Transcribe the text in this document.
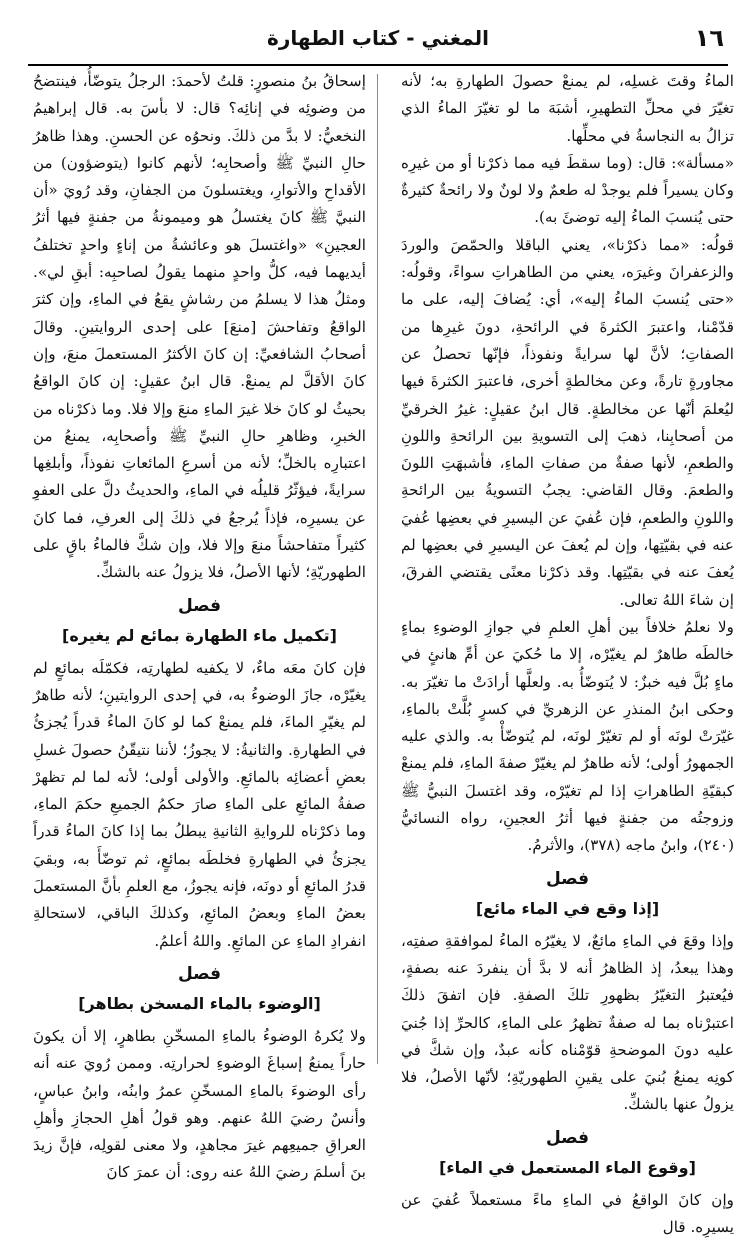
١٦
المغني - كتاب الطهارة

الماءُ وقتَ غسلِه، لم يمنعْ حصولَ الطهارةِ به؛ لأنه تغيّرَ في محلِّ التطهيرِ، أشبَهَ ما لو تغيّرَ الماءُ الذي تزالُ به النجاسةُ في محلِّها.

«مسألة»: قال: (وما سقطَ فيه مما ذكرْنا أو من غيرِه وكان يسيراً فلم يوجدْ له طعمٌ ولا لونٌ ولا رائحةٌ كثيرةٌ حتى يُنسبَ الماءُ إليه توضئَ به).

قولُه: «مما ذكرْنا»، يعني الباقلا والحمّصَ والوردَ والزعفرانَ وغيرَه، يعني من الطاهراتِ سواءً، وقولُه: «حتى يُنسبَ الماءُ إليه»، أي: يُضافَ إليه، على ما قدّمْنا، واعتبرَ الكثرةَ في الرائحةِ، دونَ غيرِها من الصفاتِ؛ لأنَّ لها سرايةً ونفوذاً، فإنّها تحصلُ عن مجاورةٍ تارةً، وعن مخالطةٍ أخرى، فاعتبرَ الكثرةَ فيها ليُعلمَ أنّها عن مخالطةٍ. قال ابنُ عقيلٍ: غيرُ الخرقيِّ من أصحابِنا، ذهبَ إلى التسويةِ بين الرائحةِ واللونِ والطعمِ، لأنها صفةٌ من صفاتِ الماءِ، فأشبهَتِ اللونَ والطعمَ. وقال القاضي: يجبُ التسويةُ بين الرائحةِ واللونِ والطعمِ، فإن عُفيَ عن اليسيرِ في بعضِها عُفيَ عنه في بقيّتِها، وإن لم يُعفَ عن اليسيرِ في بعضِها لم يُعفَ عنه في بقيّتِها. وقد ذكرْنا معنًى يقتضي الفرقَ، إن شاءَ اللهُ تعالى.

ولا نعلمُ خلافاً بين أهلِ العلمِ في جوازِ الوضوءِ بماءٍ خالطَه طاهرٌ لم يغيّرْه، إلا ما حُكيَ عن أمِّ هانئٍ في ماءٍ بُلَّ فيه خبزٌ: لا يُتوضّأُ به. ولعلَّها أرادَتْ ما تغيّرَ به. وحكى ابنُ المنذرِ عن الزهريِّ في كسرٍ بُلَّتْ بالماءِ، غيّرَتْ لونَه أو لم تغيّرْ لونَه، لم يُتوضّأْ به. والذي عليه الجمهورُ أولى؛ لأنه طاهرٌ لم يغيّرْ صفةَ الماءِ، فلم يمنعْ كبقيّةِ الطاهراتِ إذا لم تغيّرْه، وقد اغتسلَ النبيُّ ﷺ وزوجتُه من جفنةٍ فيها أثرُ العجينِ، رواه النسائيُّ (٢٤٠)، وابنُ ماجه (٣٧٨)، والأثرمُ.

فصل
[إذا وقع في الماء مائع]

وإذا وقعَ في الماءِ مائعٌ، لا يغيّرُه الماءُ لموافقةِ صفتِه، وهذا يبعدُ، إذ الظاهرُ أنه لا بدَّ أن ينفردَ عنه بصفةٍ، فيُعتبرُ التغيّرُ بظهورِ تلكَ الصفةِ. فإن اتفقَ ذلكَ اعتبرْناه بما له صفةٌ تظهرُ على الماءِ، كالحرِّ إذا جُنيَ عليه دونَ الموضحةِ قوّمْناه كأنه عبدٌ، وإن شكَّ في كونِه يمنعُ بُنيَ على يقينِ الطهوريّةِ؛ لأنّها الأصلُ، فلا يزولُ عنها بالشكِّ.

فصل
[وقوع الماء المستعمل في الماء]

وإن كانَ الواقعُ في الماءِ ماءً مستعملاً عُفيَ عن يسيرِه. قال

إسحاقُ بنُ منصورٍ: قلتُ لأحمدَ: الرجلُ يتوضّأُ، فينتضحُ من وضوئِه في إنائِه؟ قال: لا بأسَ به. قال إبراهيمُ النخعيُّ: لا بدَّ من ذلكَ. ونحوُه عن الحسنِ. وهذا ظاهرُ حالِ النبيِّ ﷺ وأصحابِه؛ لأنهم كانوا (يتوضؤون) من الأقداحِ والأتوارِ، ويغتسلونَ من الجفانِ، وقد رُويَ «أن النبيَّ ﷺ كانَ يغتسلُ هو وميمونةُ من جفنةٍ فيها أثرُ العجينِ» «واغتسلَ هو وعائشةُ من إناءٍ واحدٍ تختلفُ أيديهما فيه، كلُّ واحدٍ منهما يقولُ لصاحبِه: أبقِ لي». ومثلُ هذا لا يسلمُ من رشاشٍ يقعُ في الماءِ، وإن كثرَ الواقعُ وتفاحشَ [منعَ] على إحدى الروايتينِ. وقالَ أصحابُ الشافعيِّ: إن كانَ الأكثرُ المستعملَ منعَ، وإن كانَ الأقلَّ لم يمنعْ. قال ابنُ عقيلٍ: إن كانَ الواقعُ بحيثُ لو كانَ خلا غيرَ الماءِ منعَ وإلا فلا. وما ذكرْناه من الخبرِ، وظاهرِ حالِ النبيِّ ﷺ وأصحابِه، يمنعُ من اعتبارِه بالخلِّ؛ لأنه من أسرعِ المائعاتِ نفوذاً، وأبلغِها سرايةً، فيؤثّرُ قليلُه في الماءِ، والحديثُ دلَّ على العفوِ عن يسيرِه، فإذاً يُرجعُ في ذلكَ إلى العرفِ، فما كانَ كثيراً متفاحشاً منعَ وإلا فلا، وإن شكَّ فالماءُ باقٍ على الطهوريّةِ؛ لأنها الأصلُ، فلا يزولُ عنه بالشكِّ.

فصل
[تكميل ماء الطهارة بمائع لم يغيره]

فإن كانَ معَه ماءٌ، لا يكفيه لطهارتِه، فكمّلَه بمائعٍ لم يغيّرْه، جازَ الوضوءُ به، في إحدى الروايتينِ؛ لأنه طاهرٌ لم يغيّرِ الماءَ، فلم يمنعْ كما لو كانَ الماءُ قدراً يُجزئُ في الطهارةِ. والثانيةُ: لا يجوزُ؛ لأننا نتيقّنُ حصولَ غسلِ بعضِ أعضائِه بالمائعِ. والأولى أولى؛ لأنه لما لم تظهرْ صفةُ المائعِ على الماءِ صارَ حكمُ الجميعِ حكمَ الماءِ، وما ذكرْناه للروايةِ الثانيةِ يبطلُ بما إذا كانَ الماءُ قدراً يجزئُ في الطهارةِ فخلطَه بمائعٍ، ثم توضّأَ به، وبقيَ قدرُ المائعِ أو دونَه، فإنه يجوزُ، مع العلمِ بأنَّ المستعملَ بعضُ الماءِ وبعضُ المائعِ، وكذلكَ الباقي، لاستحالةِ انفرادِ الماءِ عن المائعِ. واللهُ أعلمُ.

فصل
[الوضوء بالماء المسخن بطاهر]

ولا يُكرهُ الوضوءُ بالماءِ المسخّنِ بطاهرٍ، إلا أن يكونَ حاراً يمنعُ إسباغَ الوضوءِ لحرارتِه. وممن رُويَ عنه أنه رأى الوضوءَ بالماءِ المسخّنِ عمرُ وابنُه، وابنُ عباسٍ، وأنسٌ رضيَ اللهُ عنهم. وهو قولُ أهلِ الحجازِ وأهلِ العراقِ جميعِهم غيرَ مجاهدٍ، ولا معنى لقولِه، فإنَّ زيدَ بنَ أسلمَ رضيَ اللهُ عنه روى: أن عمرَ كانَ
